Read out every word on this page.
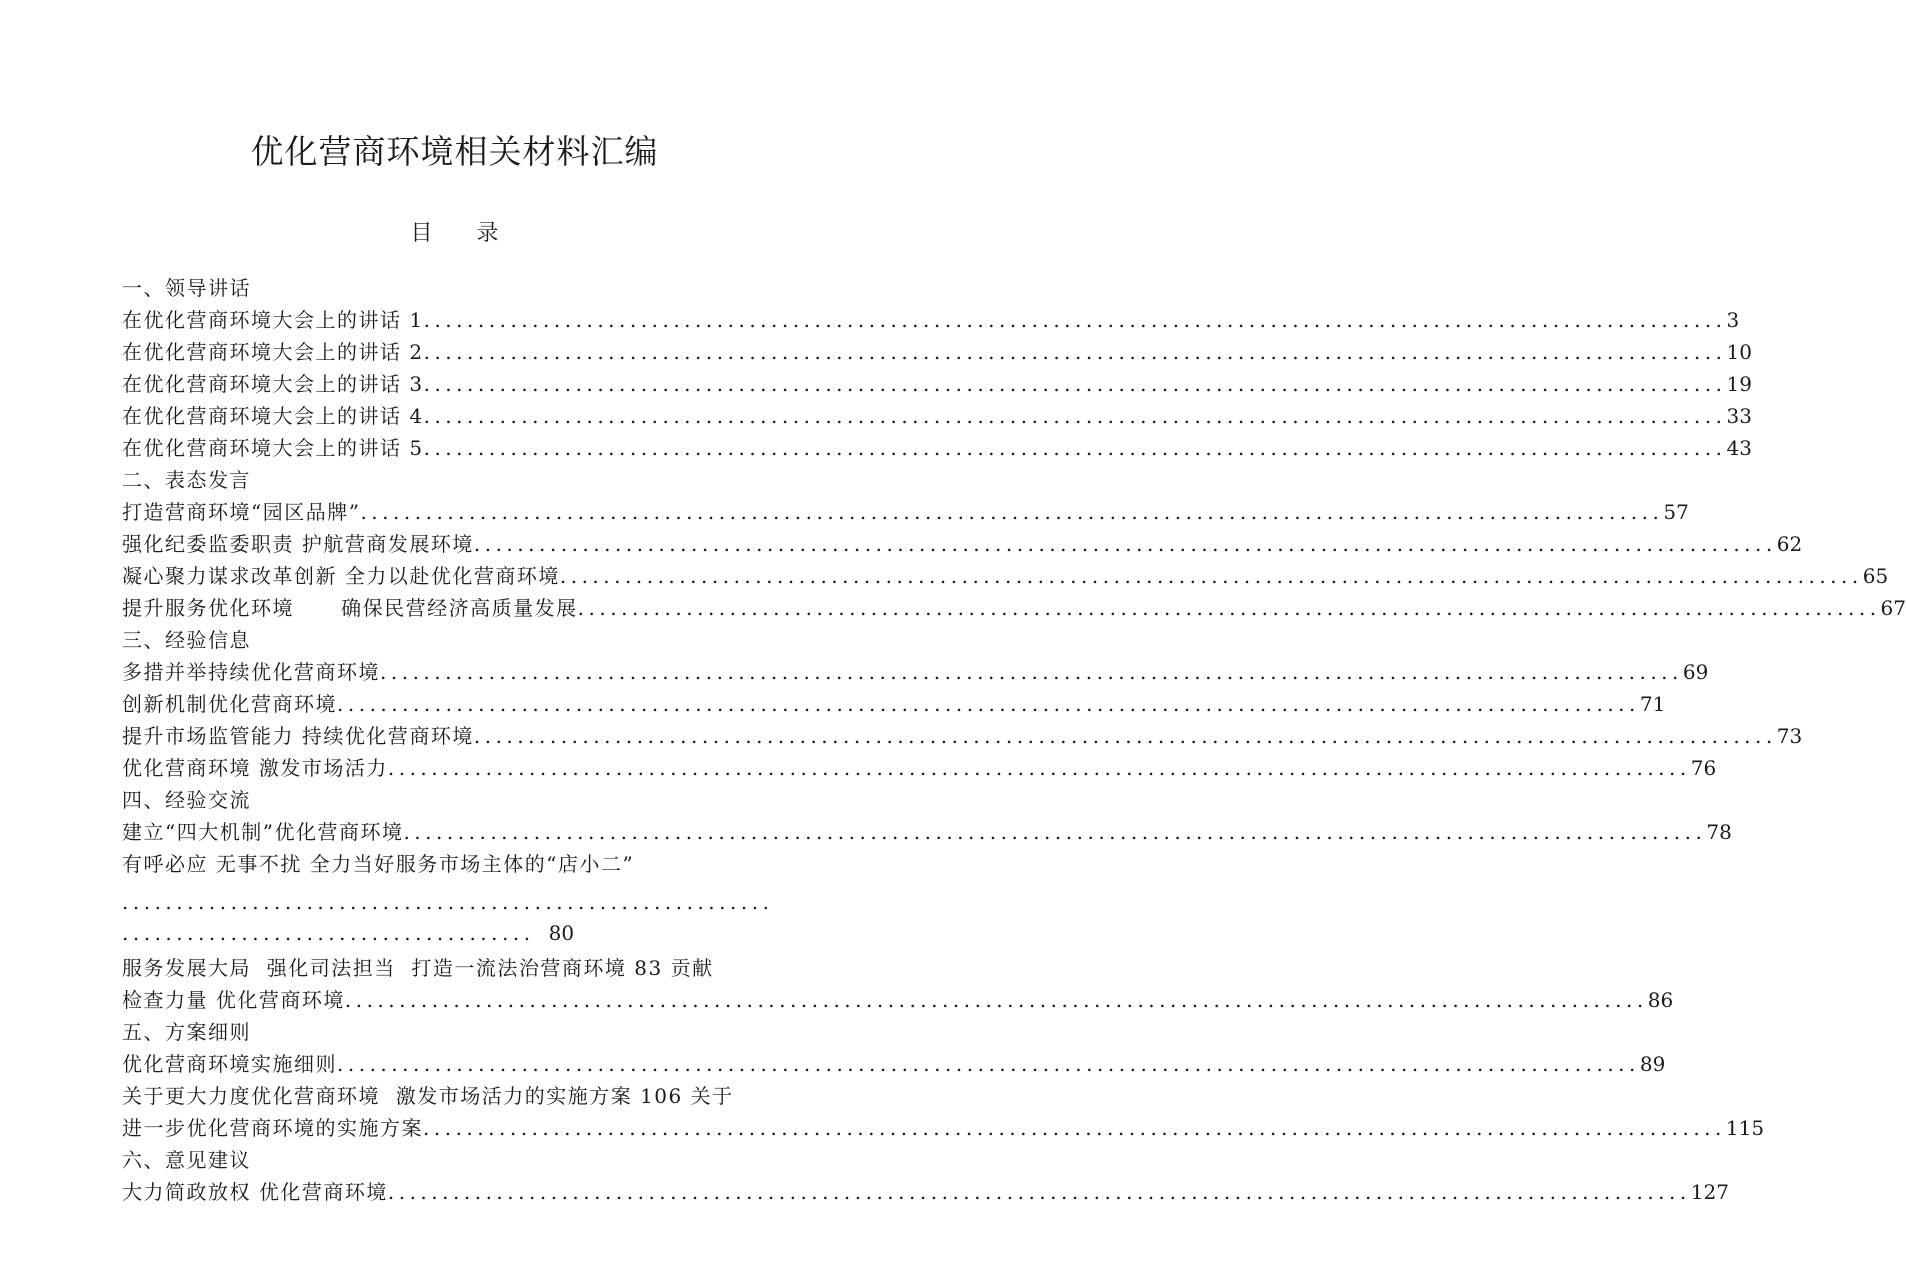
优化营商环境相关材料汇编
目录
一、领导讲话
在优化营商环境大会上的讲话 1 ........................................................................................................................ 3
在优化营商环境大会上的讲话 2 ........................................................................................................................ 10
在优化营商环境大会上的讲话 3 ........................................................................................................................ 19
在优化营商环境大会上的讲话 4 ........................................................................................................................ 33
在优化营商环境大会上的讲话 5 ........................................................................................................................ 43
二、表态发言
打造营商环境“园区品牌” ........................................................................................................................ 57
强化纪委监委职责 护航营商发展环境 ........................................................................................................................ 62
凝心聚力谋求改革创新 全力以赴优化营商环境 ........................................................................................................................ 65
提升服务优化环境      确保民营经济高质量发展 ........................................................................................................................ 67
三、经验信息
多措并举持续优化营商环境 ........................................................................................................................ 69
创新机制优化营商环境 ........................................................................................................................ 71
提升市场监管能力 持续优化营商环境 ........................................................................................................................ 73
优化营商环境 激发市场活力 ........................................................................................................................ 76
四、经验交流
建立“四大机制”优化营商环境 ........................................................................................................................ 78
有呼必应 无事不扰 全力当好服务市场主体的“店小二”
............................................................
...................................... 80
服务发展大局  强化司法担当  打造一流法治营商环境 83 贡献
检查力量 优化营商环境 ........................................................................................................................ 86
五、方案细则
优化营商环境实施细则 ........................................................................................................................ 89
关于更大力度优化营商环境  激发市场活力的实施方案 106 关于
进一步优化营商环境的实施方案 ........................................................................................................................ 115
六、意见建议
大力简政放权 优化营商环境 ........................................................................................................................ 127
